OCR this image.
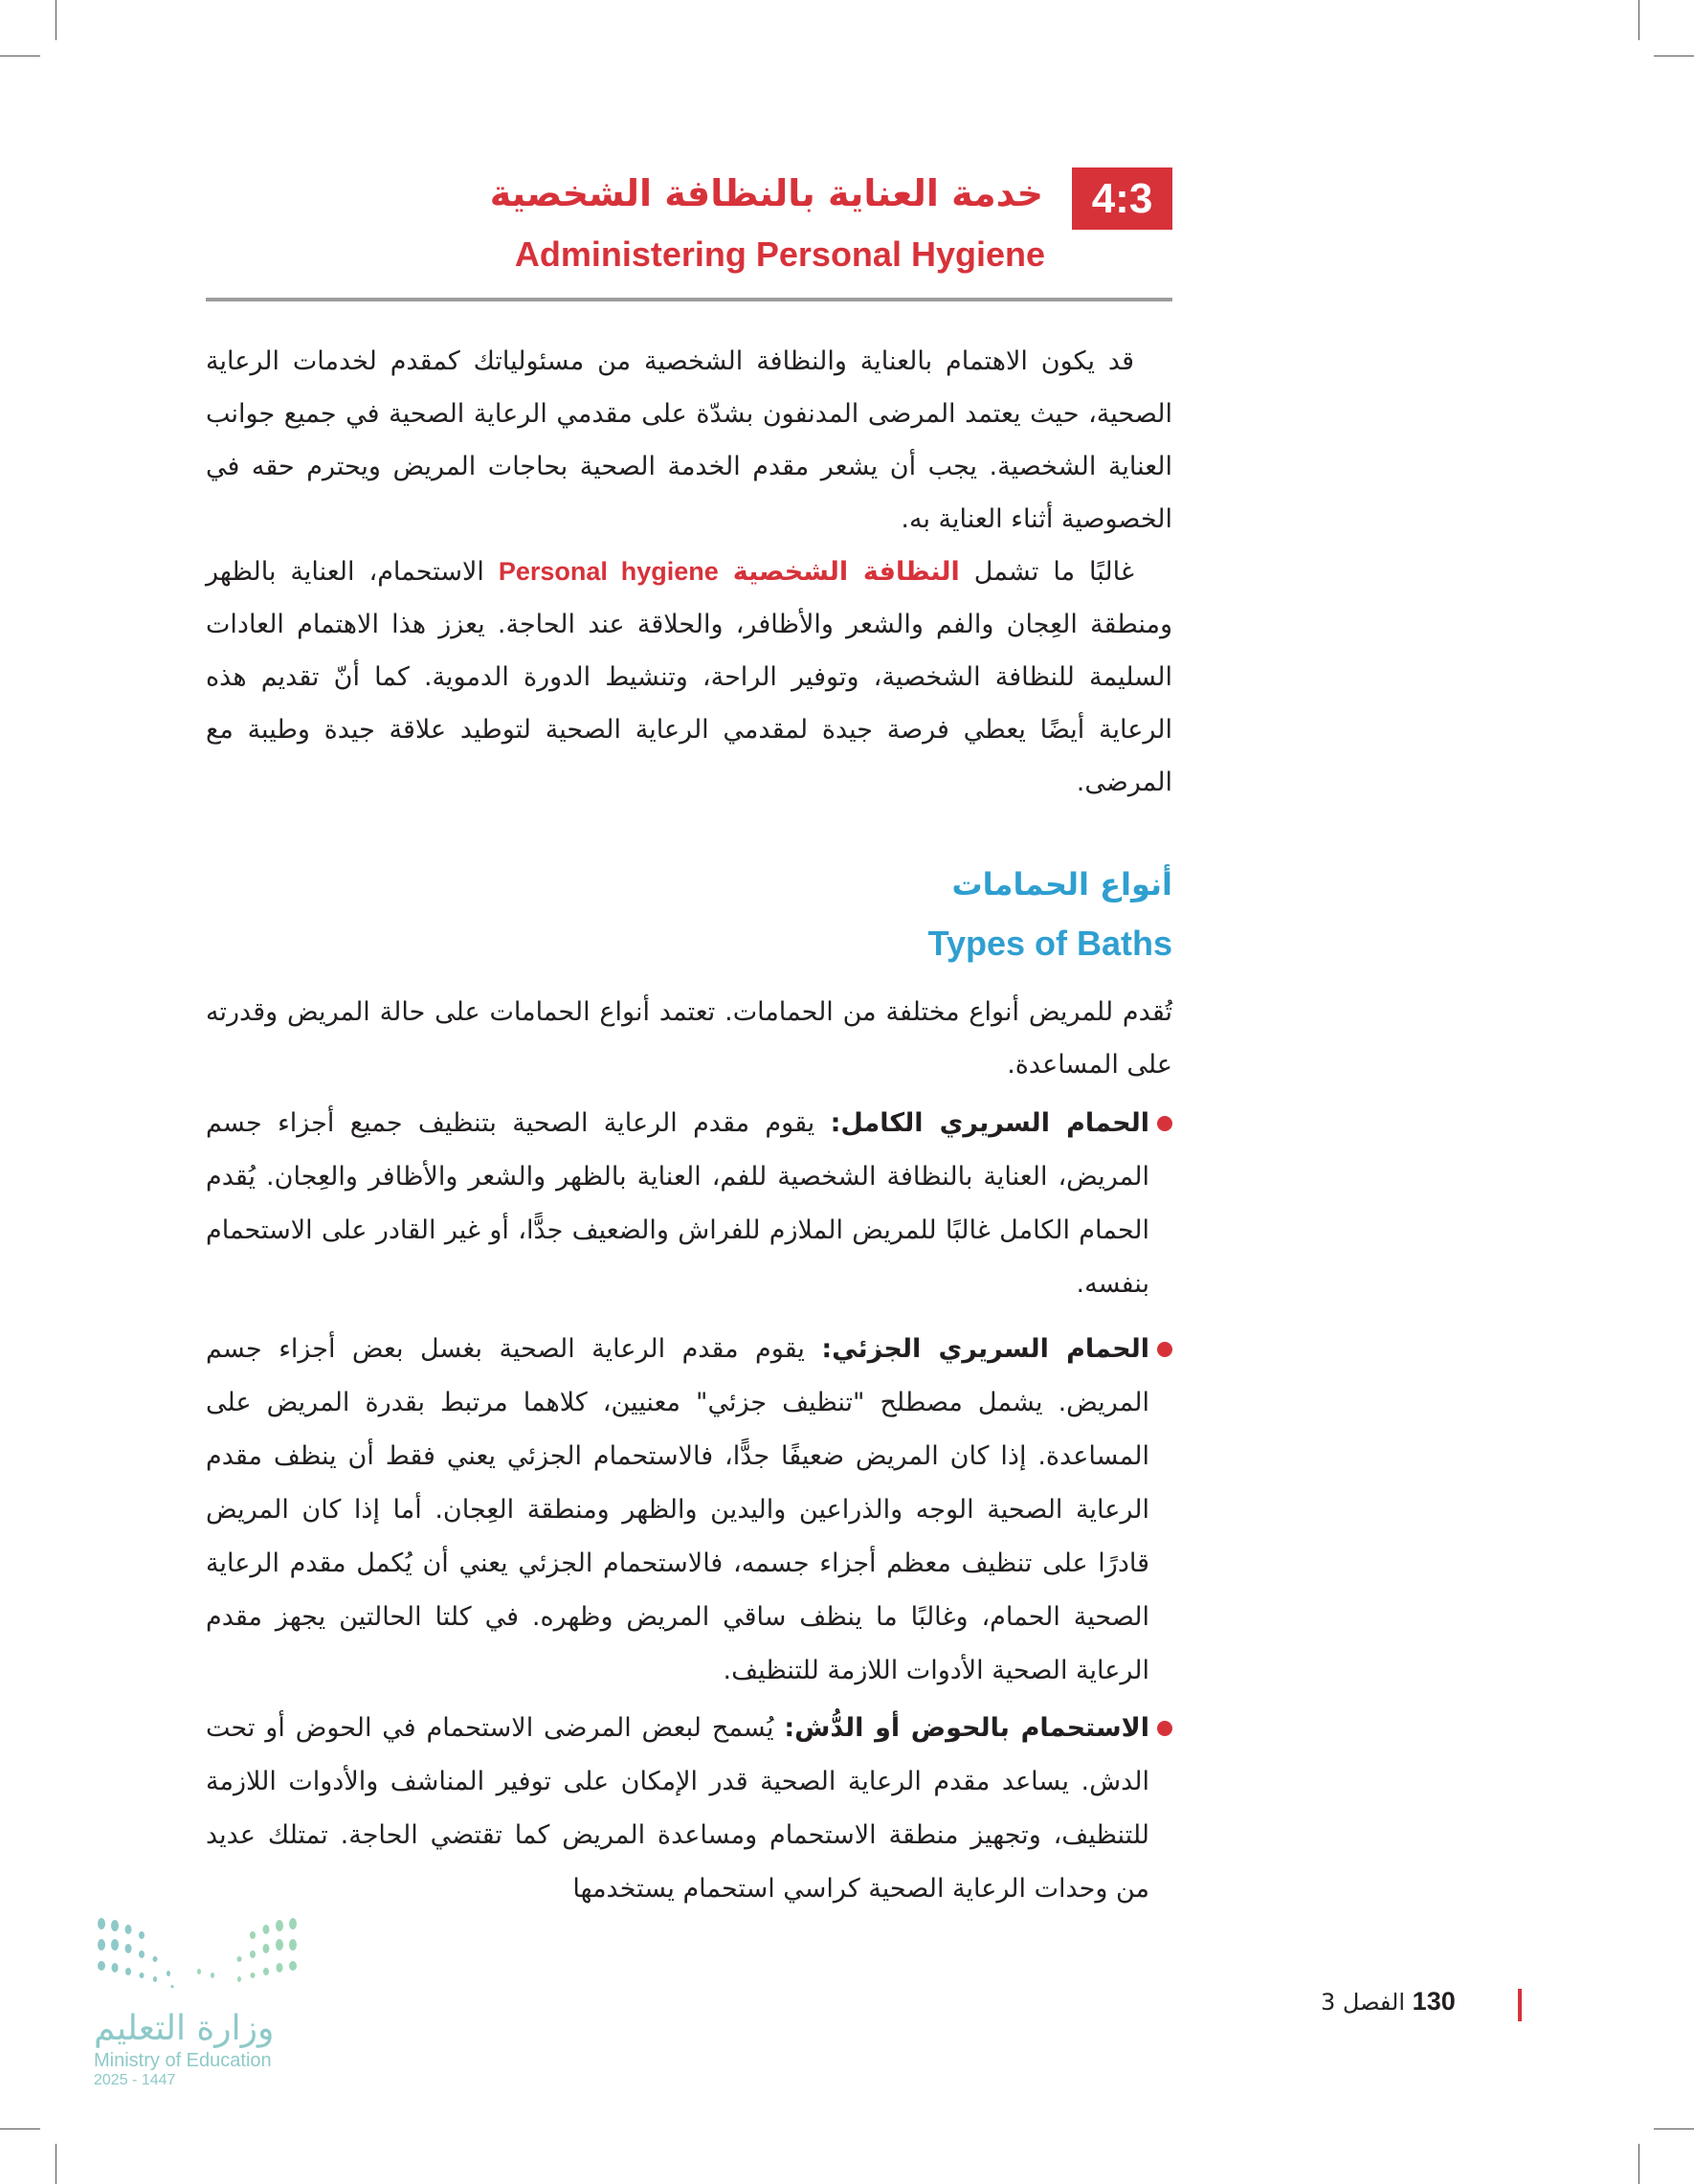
4:3
خدمة العناية بالنظافة الشخصية
Administering Personal Hygiene

قد يكون الاهتمام بالعناية والنظافة الشخصية من مسئولياتك كمقدم لخدمات الرعاية الصحية، حيث يعتمد المرضى المدنفون بشدّة على مقدمي الرعاية الصحية في جميع جوانب العناية الشخصية. يجب أن يشعر مقدم الخدمة الصحية بحاجات المريض ويحترم حقه في الخصوصية أثناء العناية به.

غالبًا ما تشمل النظافة الشخصية Personal hygiene الاستحمام، العناية بالظهر ومنطقة العِجان والفم والشعر والأظافر، والحلاقة عند الحاجة. يعزز هذا الاهتمام العادات السليمة للنظافة الشخصية، وتوفير الراحة، وتنشيط الدورة الدموية. كما أنّ تقديم هذه الرعاية أيضًا يعطي فرصة جيدة لمقدمي الرعاية الصحية لتوطيد علاقة جيدة وطيبة مع المرضى.

أنواع الحمامات
Types of Baths

تُقدم للمريض أنواع مختلفة من الحمامات. تعتمد أنواع الحمامات على حالة المريض وقدرته على المساعدة.

الحمام السريري الكامل: يقوم مقدم الرعاية الصحية بتنظيف جميع أجزاء جسم المريض، العناية بالنظافة الشخصية للفم، العناية بالظهر والشعر والأظافر والعِجان. يُقدم الحمام الكامل غالبًا للمريض الملازم للفراش والضعيف جدًّا، أو غير القادر على الاستحمام بنفسه.
الحمام السريري الجزئي: يقوم مقدم الرعاية الصحية بغسل بعض أجزاء جسم المريض. يشمل مصطلح "تنظيف جزئي" معنيين، كلاهما مرتبط بقدرة المريض على المساعدة. إذا كان المريض ضعيفًا جدًّا، فالاستحمام الجزئي يعني فقط أن ينظف مقدم الرعاية الصحية الوجه والذراعين واليدين والظهر ومنطقة العِجان. أما إذا كان المريض قادرًا على تنظيف معظم أجزاء جسمه، فالاستحمام الجزئي يعني أن يُكمل مقدم الرعاية الصحية الحمام، وغالبًا ما ينظف ساقي المريض وظهره. في كلتا الحالتين يجهز مقدم الرعاية الصحية الأدوات اللازمة للتنظيف.
الاستحمام بالحوض أو الدُّش: يُسمح لبعض المرضى الاستحمام في الحوض أو تحت الدش. يساعد مقدم الرعاية الصحية قدر الإمكان على توفير المناشف والأدوات اللازمة للتنظيف، وتجهيز منطقة الاستحمام ومساعدة المريض كما تقتضي الحاجة. تمتلك عديد من وحدات الرعاية الصحية كراسي استحمام يستخدمها
وزارة التعليم
Ministry of Education
2025 - 1447
130 الفصل 3
